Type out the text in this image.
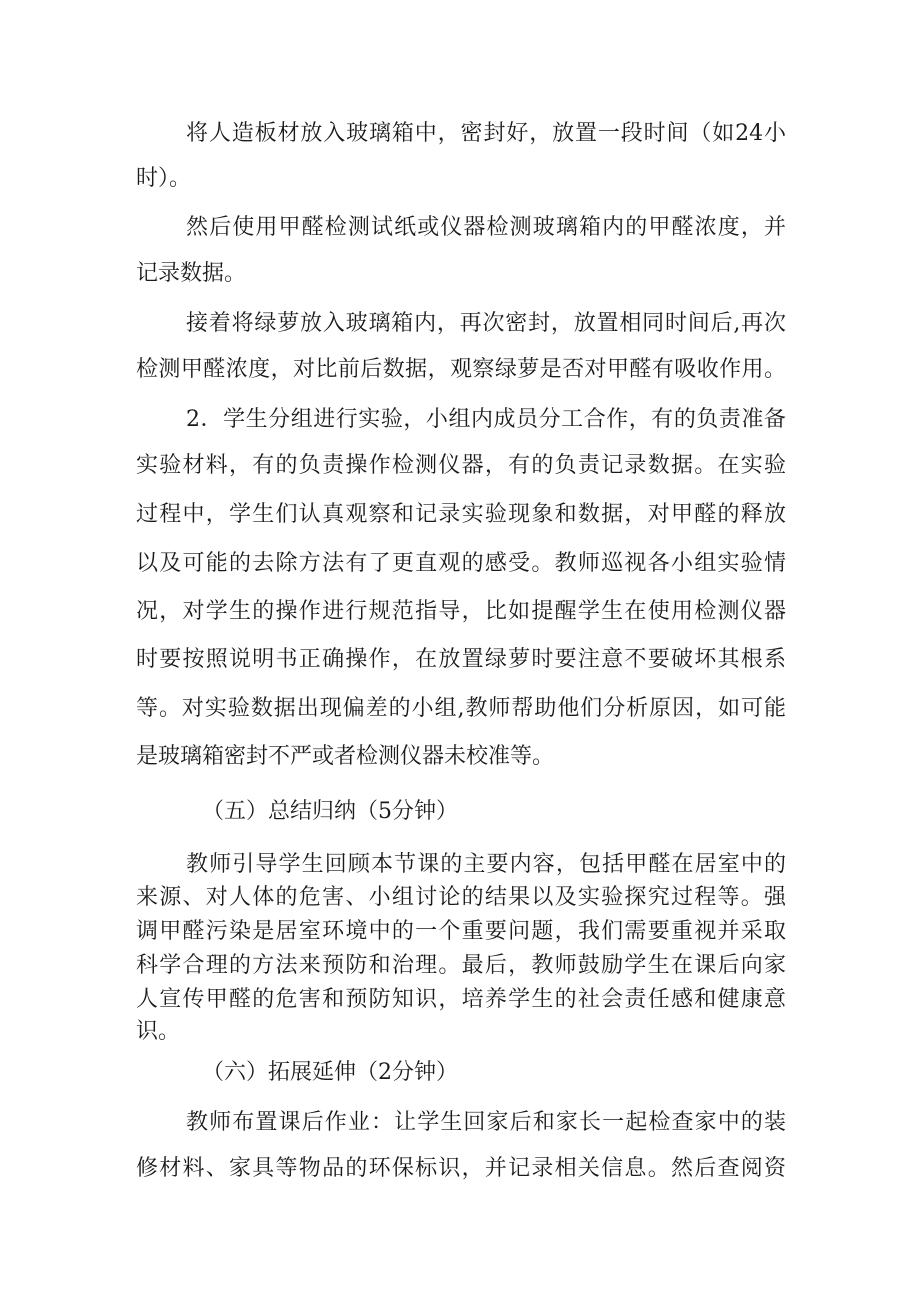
将人造板材放入玻璃箱中，密封好，放置一段时间（如24小
时）。
然后使用甲醛检测试纸或仪器检测玻璃箱内的甲醛浓度，并
记录数据。
接着将绿萝放入玻璃箱内，再次密封，放置相同时间后,再次
检测甲醛浓度，对比前后数据，观察绿萝是否对甲醛有吸收作用。
2．学生分组进行实验，小组内成员分工合作，有的负责准备
实验材料，有的负责操作检测仪器，有的负责记录数据。在实验
过程中，学生们认真观察和记录实验现象和数据，对甲醛的释放
以及可能的去除方法有了更直观的感受。教师巡视各小组实验情
况，对学生的操作进行规范指导，比如提醒学生在使用检测仪器
时要按照说明书正确操作，在放置绿萝时要注意不要破坏其根系
等。对实验数据出现偏差的小组,教师帮助他们分析原因，如可能
是玻璃箱密封不严或者检测仪器未校准等。
（五）总结归纳（5分钟）
教师引导学生回顾本节课的主要内容，包括甲醛在居室中的
来源、对人体的危害、小组讨论的结果以及实验探究过程等。强
调甲醛污染是居室环境中的一个重要问题，我们需要重视并采取
科学合理的方法来预防和治理。最后，教师鼓励学生在课后向家
人宣传甲醛的危害和预防知识，培养学生的社会责任感和健康意
识。
（六）拓展延伸（2分钟）
教师布置课后作业：让学生回家后和家长一起检查家中的装
修材料、家具等物品的环保标识，并记录相关信息。然后查阅资
